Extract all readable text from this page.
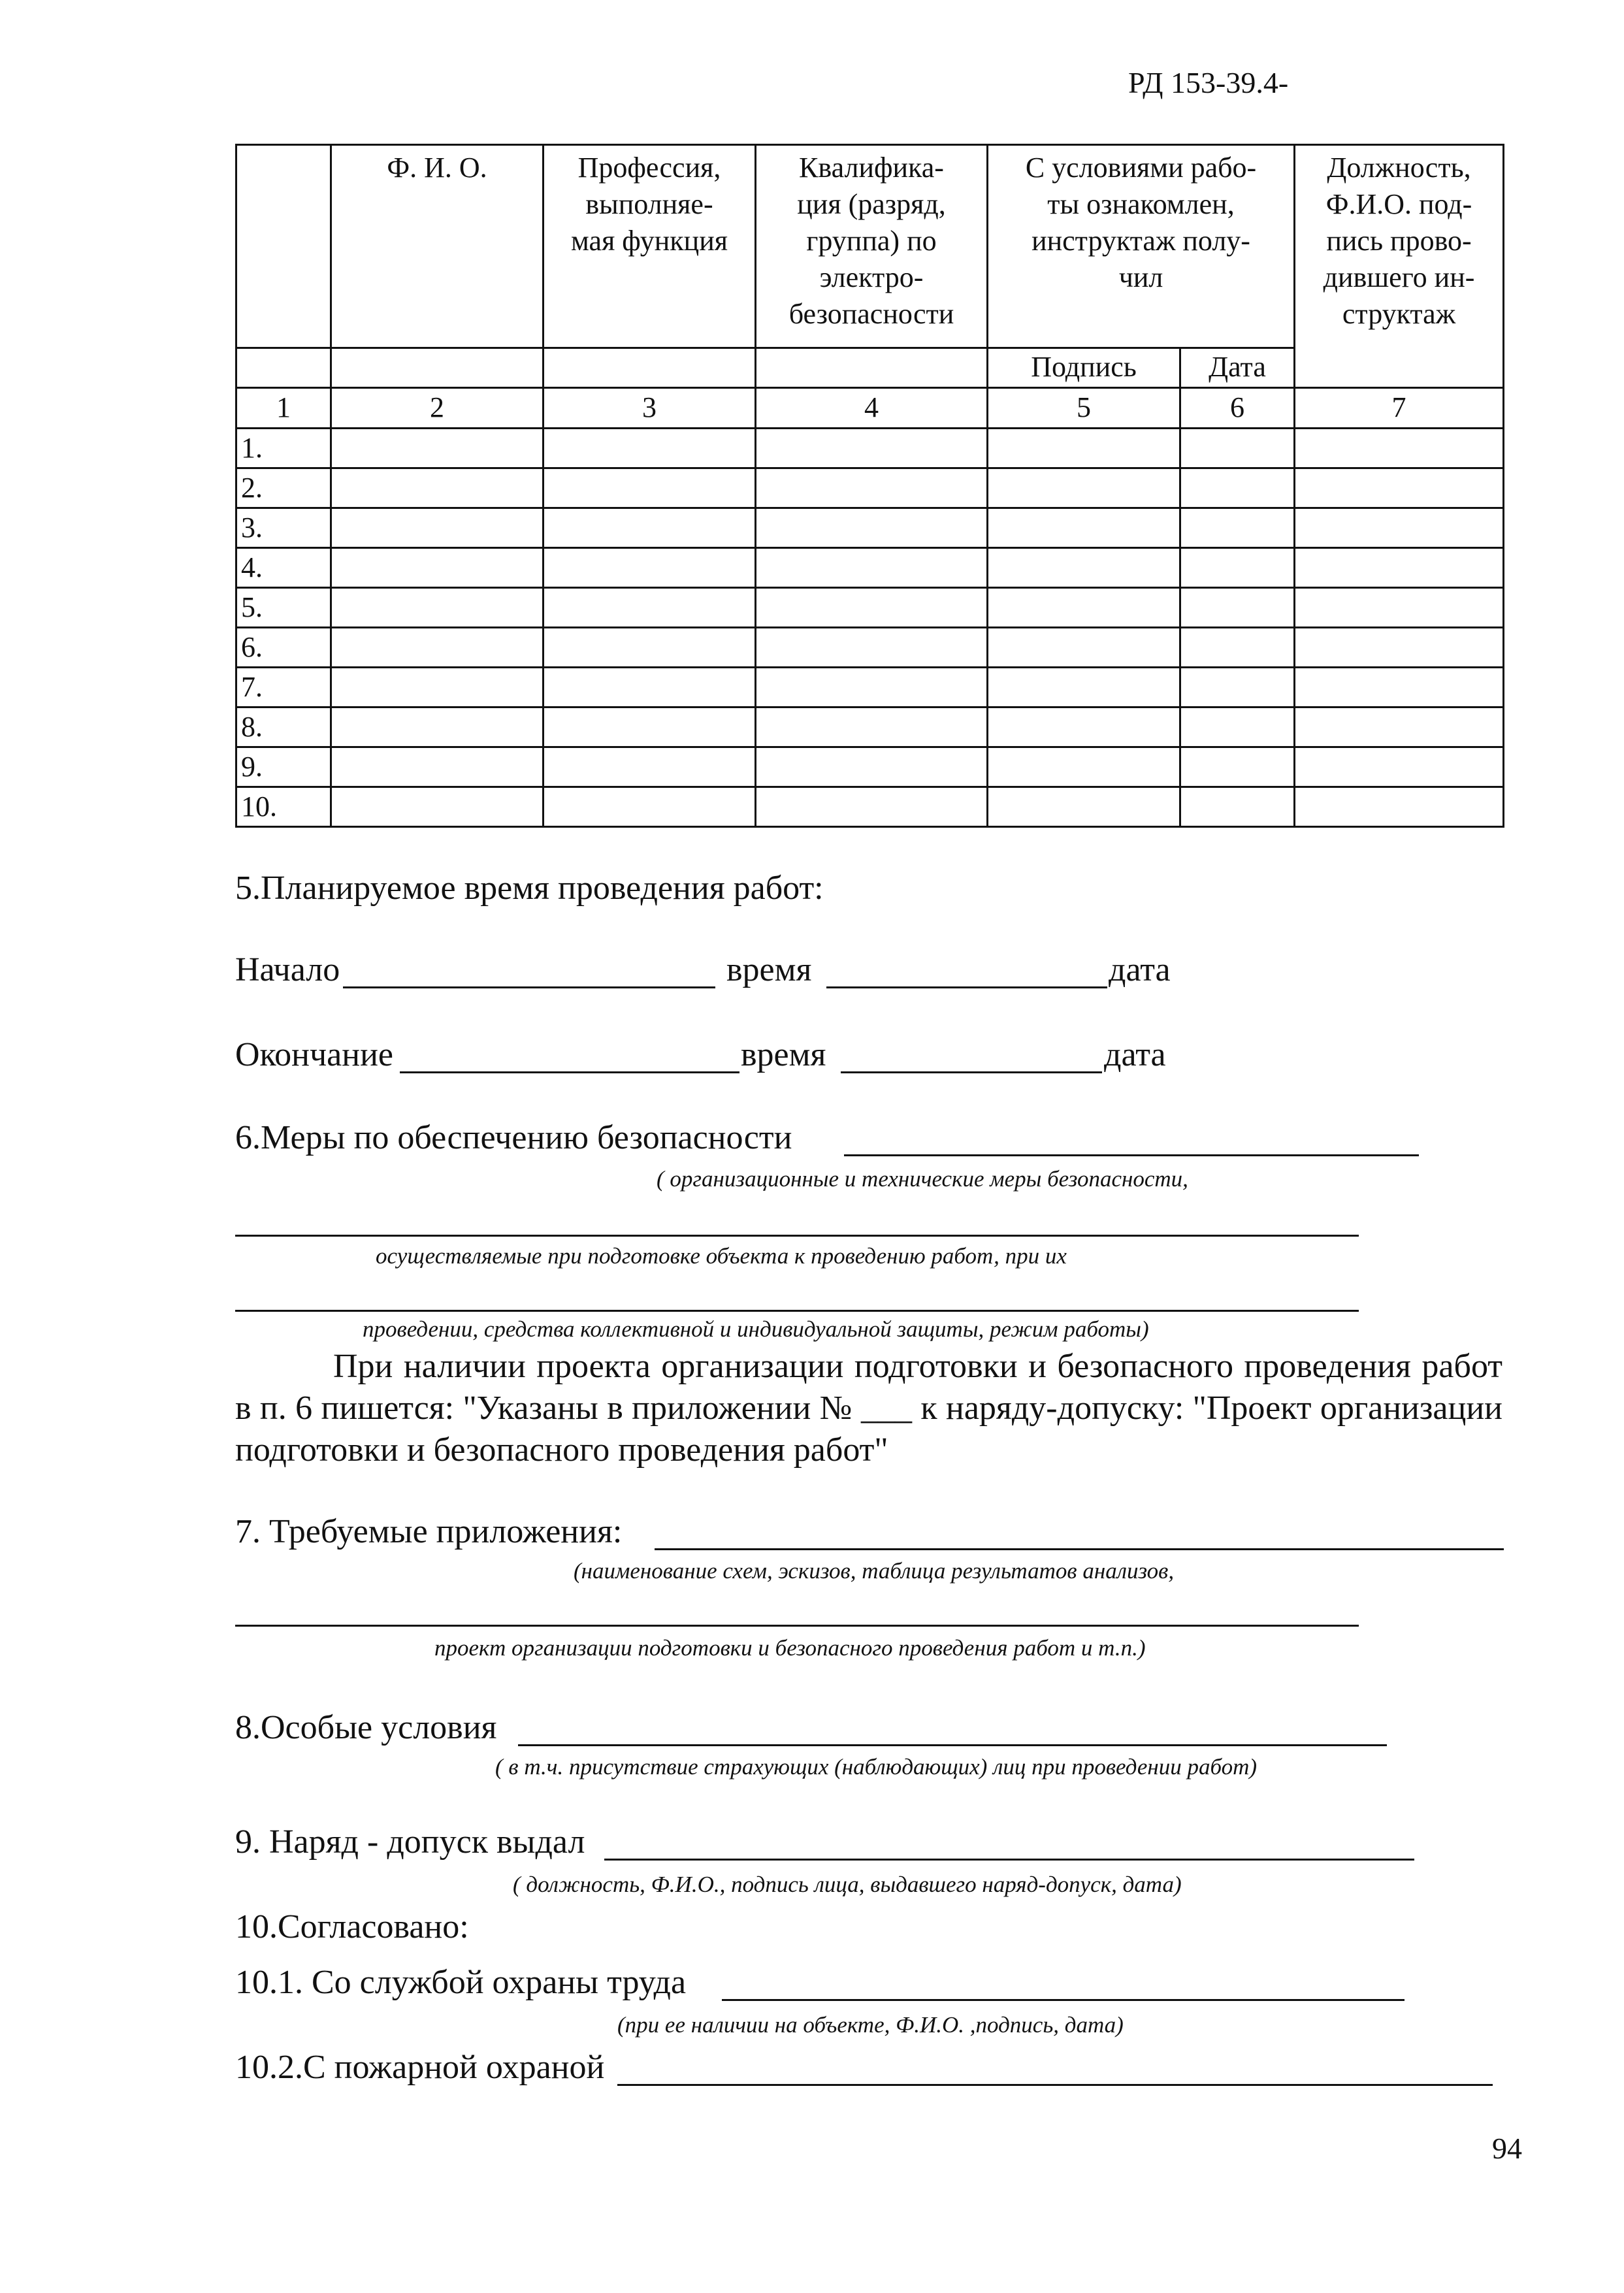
РД 153-39.4-
	Ф. И. О.	Профессия,
выполняе-
мая функция	Квалифика-
ция (разряд,
группа) по
электро-
безопасности	С условиями рабо-
ты ознакомлен,
инструктаж полу-
чил		Должность,
Ф.И.О. под-
пись прово-
дившего ин-
структаж
				Подпись	Дата	
1	2	3	4	5	6	7
1.						
2.						
3.						
4.						
5.						
6.						
7.						
8.						
9.						
10.						
5.Планируемое время проведения работ:
Начало	время	дата
Окончание	время	дата
6.Меры по обеспечению безопасности
( организационные и технические меры безопасности,
осуществляемые при подготовке объекта к проведению работ, при их
проведении, средства коллективной и индивидуальной защиты, режим работы)
При наличии проекта организации подготовки и безопасного проведения работ в п. 6 пишется: "Указаны в приложении № ___ к наряду-допуску: "Проект организации подготовки и безопасного проведения работ"
7. Требуемые приложения:
(наименование схем, эскизов, таблица результатов анализов,
проект организации подготовки и безопасного проведения работ и т.п.)
8.Особые условия
( в т.ч. присутствие страхующих (наблюдающих) лиц при проведении работ)
9. Наряд - допуск выдал
( должность, Ф.И.О., подпись лица, выдавшего наряд-допуск, дата)
10.Согласовано:
10.1. Со службой охраны труда
(при ее наличии на объекте, Ф.И.О. ,подпись, дата)
10.2.С пожарной охраной
94
